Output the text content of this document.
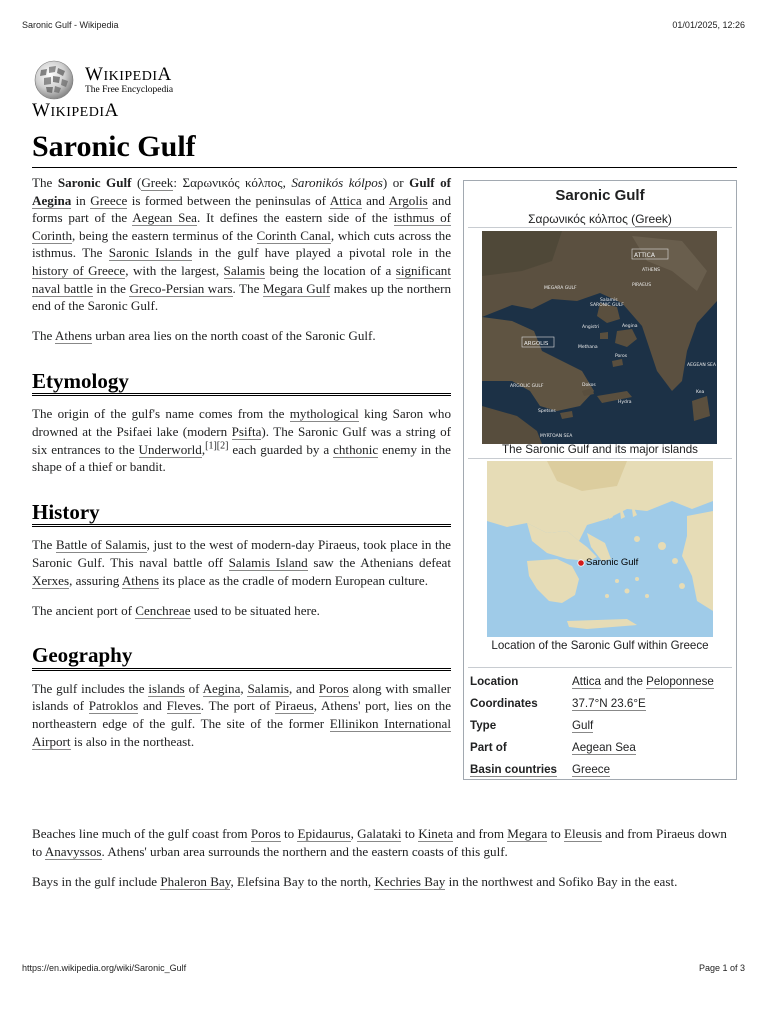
Saronic Gulf - Wikipedia	01/01/2025, 12:26
WIKIPEDIA
The Free Encyclopedia
WIKIPEDIA
Saronic Gulf

The Saronic Gulf (Greek: Σαρωνικός κόλπος, Saronikós kólpos) or Gulf of Aegina in Greece is formed between the peninsulas of Attica and Argolis and forms part of the Aegean Sea. It defines the eastern side of the isthmus of Corinth, being the eastern terminus of the Corinth Canal, which cuts across the isthmus. The Saronic Islands in the gulf have played a pivotal role in the history of Greece, with the largest, Salamis being the location of a significant naval battle in the Greco-Persian wars. The Megara Gulf makes up the northern end of the Saronic Gulf.

The Athens urban area lies on the north coast of the Saronic Gulf.

Etymology

The origin of the gulf's name comes from the mythological king Saron who drowned at the Psifaei lake (modern Psifta). The Saronic Gulf was a string of six entrances to the Underworld,[1][2] each guarded by a chthonic enemy in the shape of a thief or bandit.

History

The Battle of Salamis, just to the west of modern-day Piraeus, took place in the Saronic Gulf. This naval battle off Salamis Island saw the Athenians defeat Xerxes, assuring Athens its place as the cradle of modern European culture.

The ancient port of Cenchreae used to be situated here.

Geography

The gulf includes the islands of Aegina, Salamis, and Poros along with smaller islands of Patroklos and Fleves. The port of Piraeus, Athens' port, lies on the northeastern edge of the gulf. The site of the former Ellinikon International Airport is also in the northeast.

Beaches line much of the gulf coast from Poros to Epidaurus, Galataki to Kineta and from Megara to Eleusis and from Piraeus down to Anavyssos. Athens' urban area surrounds the northern and the eastern coasts of this gulf.

Bays in the gulf include Phaleron Bay, Elefsina Bay to the north, Kechries Bay in the northwest and Sofiko Bay in the east.

Saronic Gulf
Σαρωνικός κόλπος (Greek)
ATTICA
ATHENS
PIRAEUS
MEGARA GULF
Salamis
SARONIC GULF
Angistri	Aegina
ARGOLIS
Methana
Poros
ARGOLIC GULF	Dokos
Hydra
Spetses
AEGEAN SEA
Kea
MYRTOAN SEA
The Saronic Gulf and its major islands
Saronic Gulf
Location of the Saronic Gulf within Greece
Location	Attica and the Peloponnese
Coordinates	37.7°N 23.6°E
Type	Gulf
Part of	Aegean Sea
Basin countries	Greece
https://en.wikipedia.org/wiki/Saronic_Gulf	Page 1 of 3
